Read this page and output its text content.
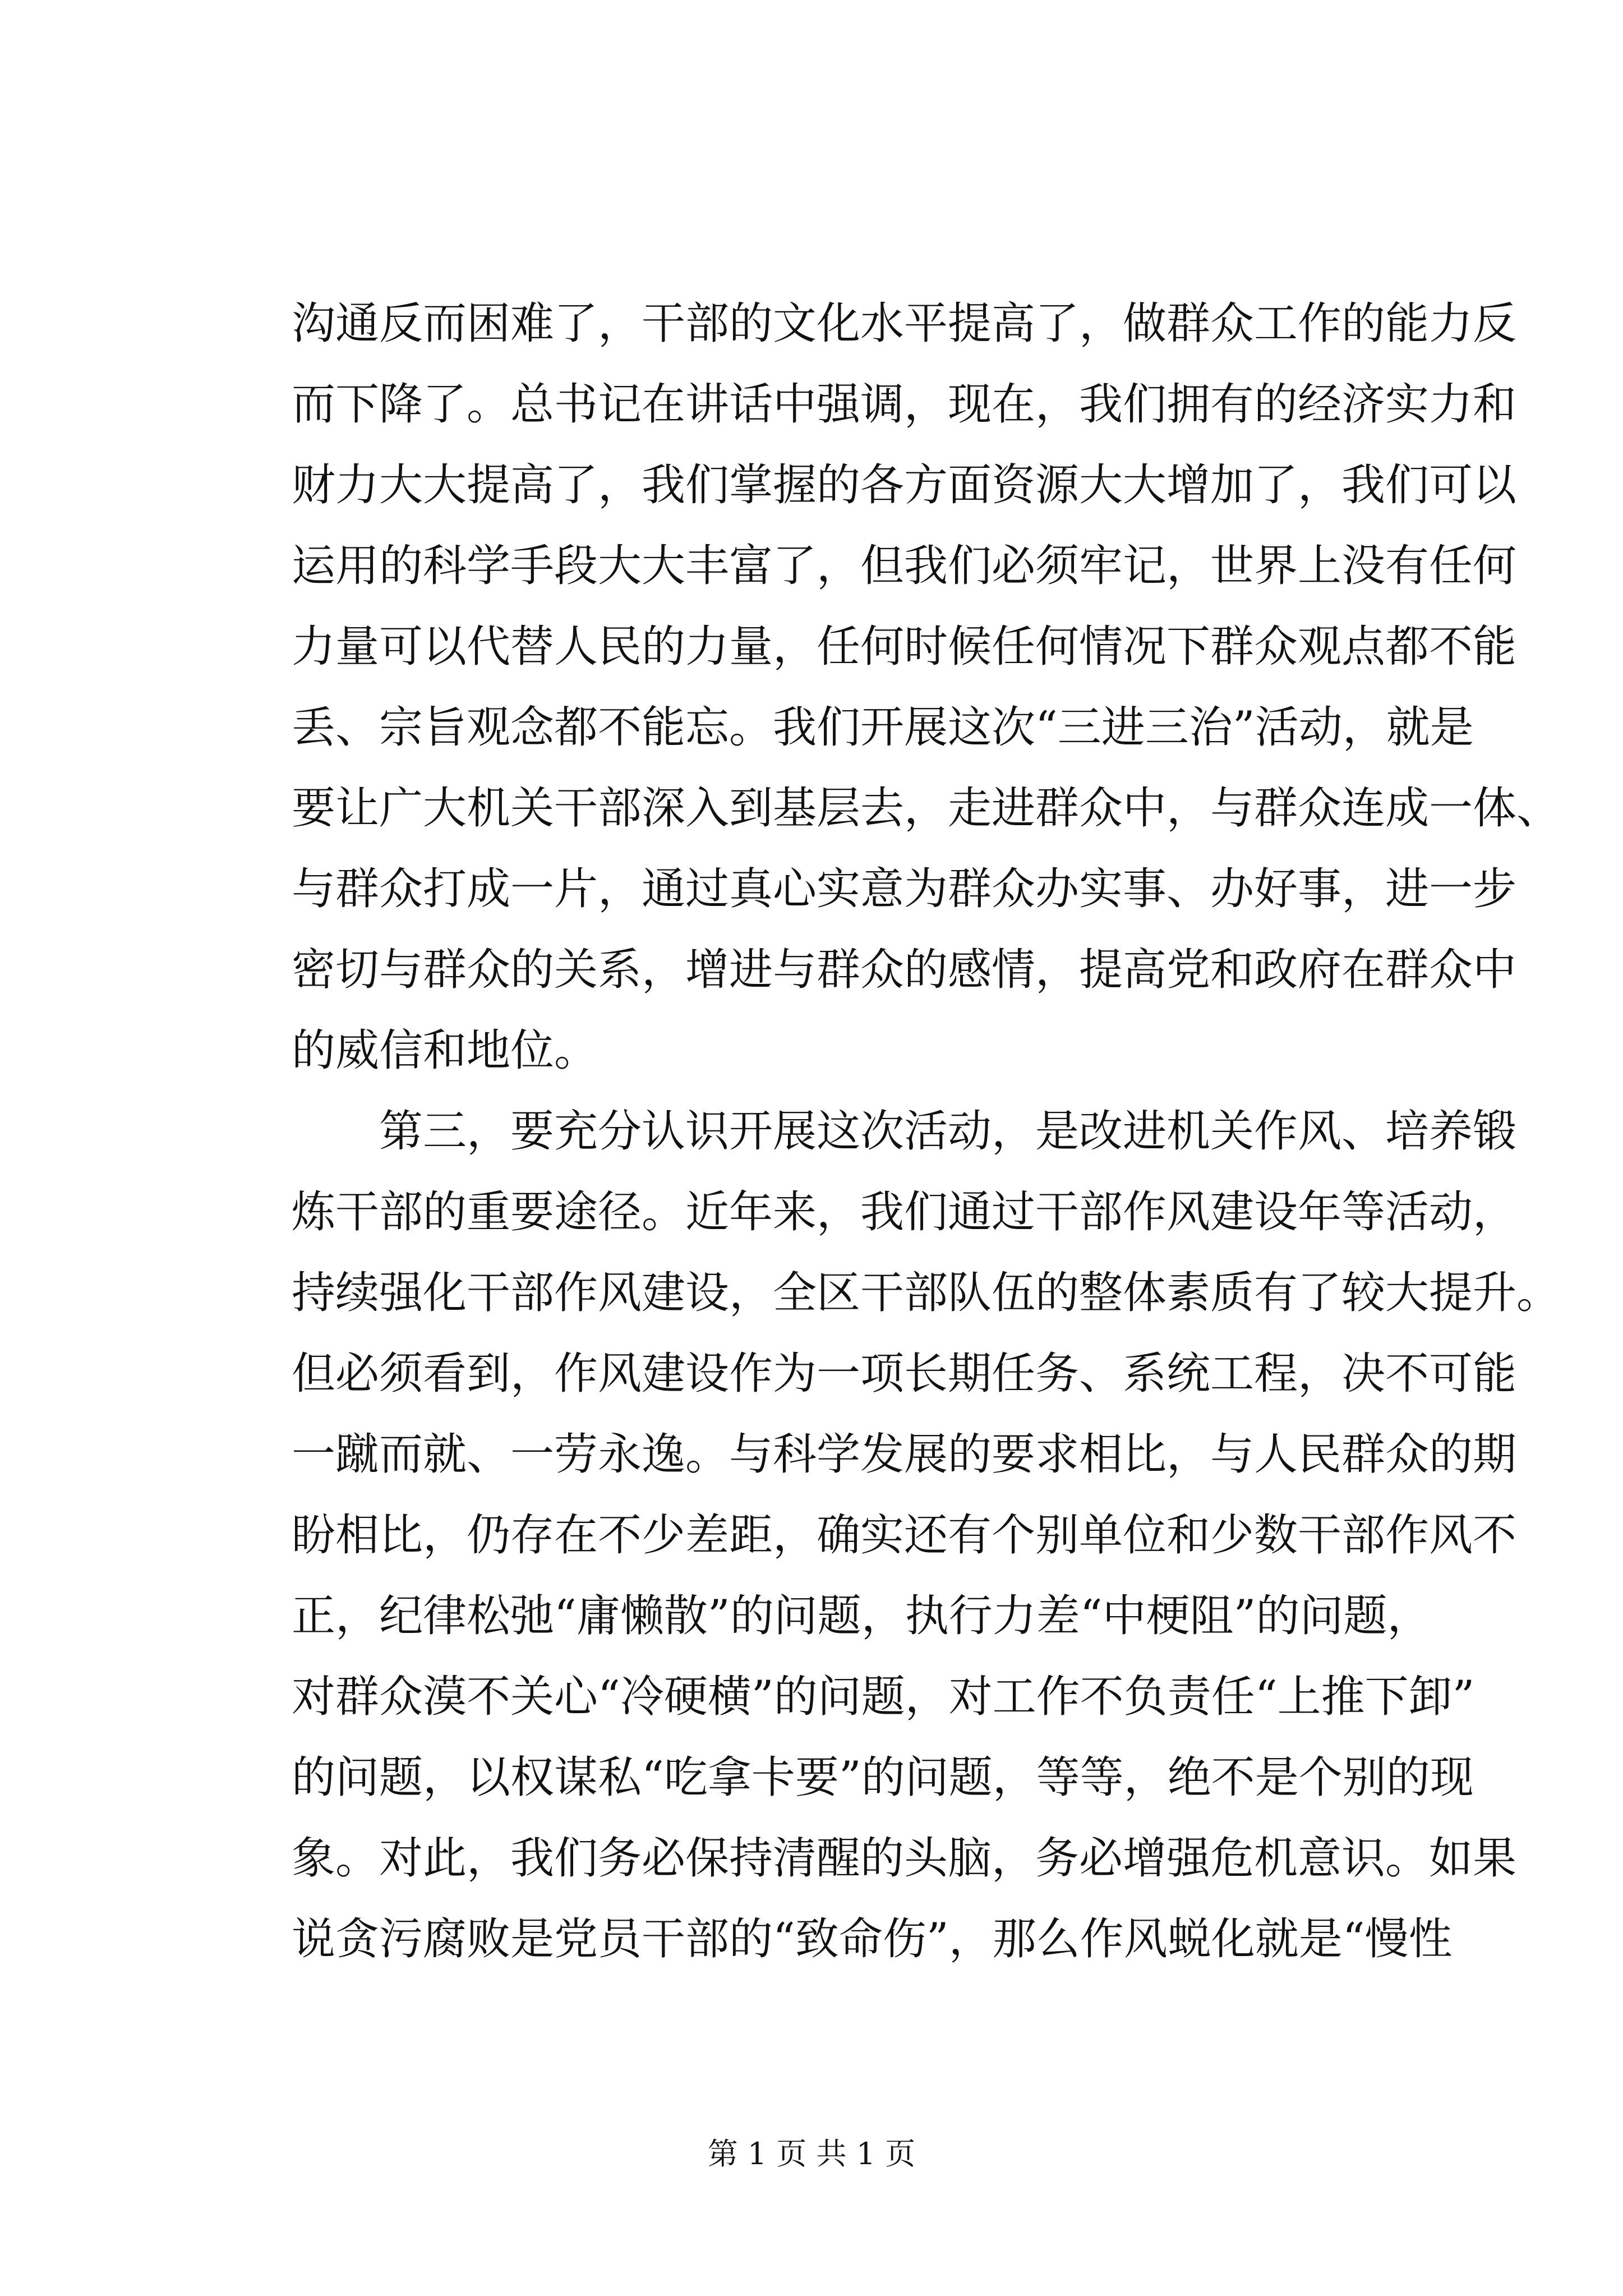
沟通反而困难了，干部的文化水平提高了，做群众工作的能力反
而下降了。总书记在讲话中强调，现在，我们拥有的经济实力和
财力大大提高了，我们掌握的各方面资源大大增加了，我们可以
运用的科学手段大大丰富了，但我们必须牢记，世界上没有任何
力量可以代替人民的力量，任何时候任何情况下群众观点都不能
丢、宗旨观念都不能忘。我们开展这次“三进三治”活动，就是
要让广大机关干部深入到基层去，走进群众中，与群众连成一体、
与群众打成一片，通过真心实意为群众办实事、办好事，进一步
密切与群众的关系，增进与群众的感情，提高党和政府在群众中
的威信和地位。
第三，要充分认识开展这次活动，是改进机关作风、培养锻
炼干部的重要途径。近年来，我们通过干部作风建设年等活动，
持续强化干部作风建设，全区干部队伍的整体素质有了较大提升。
但必须看到，作风建设作为一项长期任务、系统工程，决不可能
一蹴而就、一劳永逸。与科学发展的要求相比，与人民群众的期
盼相比，仍存在不少差距，确实还有个别单位和少数干部作风不
正，纪律松弛“庸懒散”的问题，执行力差“中梗阻”的问题，
对群众漠不关心“冷硬横”的问题，对工作不负责任“上推下卸”
的问题，以权谋私“吃拿卡要”的问题，等等，绝不是个别的现
象。对此，我们务必保持清醒的头脑，务必增强危机意识。如果
说贪污腐败是党员干部的“致命伤”，那么作风蜕化就是“慢性
第 1 页 共 1 页
